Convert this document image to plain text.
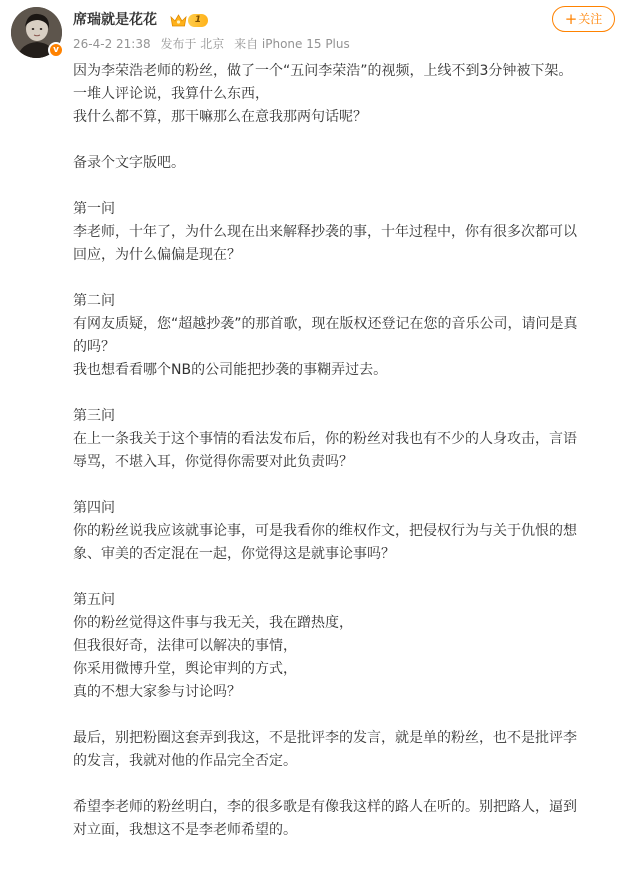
v
席瑞就是花花	1
26-4-2 21:38 发布于 北京 来自 iPhone 15 Plus
+ 关注

因为李荣浩老师的粉丝，做了一个“五问李荣浩”的视频，上线不到3分钟被下架。
一堆人评论说，我算什么东西，
我什么都不算，那干嘛那么在意我那两句话呢？

备录个文字版吧。

第一问
李老师，十年了，为什么现在出来解释抄袭的事，十年过程中，你有很多次都可以
回应，为什么偏偏是现在？

第二问
有网友质疑，您“超越抄袭”的那首歌，现在版权还登记在您的音乐公司，请问是真
的吗？
我也想看看哪个NB的公司能把抄袭的事糊弄过去。

第三问
在上一条我关于这个事情的看法发布后，你的粉丝对我也有不少的人身攻击，言语
辱骂，不堪入耳，你觉得你需要对此负责吗？

第四问
你的粉丝说我应该就事论事，可是我看你的维权作文，把侵权行为与关于仇恨的想
象、审美的否定混在一起，你觉得这是就事论事吗？

第五问
你的粉丝觉得这件事与我无关，我在蹭热度，
但我很好奇，法律可以解决的事情，
你采用微博升堂，舆论审判的方式，
真的不想大家参与讨论吗？

最后，别把粉圈这套弄到我这，不是批评李的发言，就是单的粉丝，也不是批评李
的发言，我就对他的作品完全否定。

希望李老师的粉丝明白，李的很多歌是有像我这样的路人在听的。别把路人，逼到
对立面，我想这不是李老师希望的。
